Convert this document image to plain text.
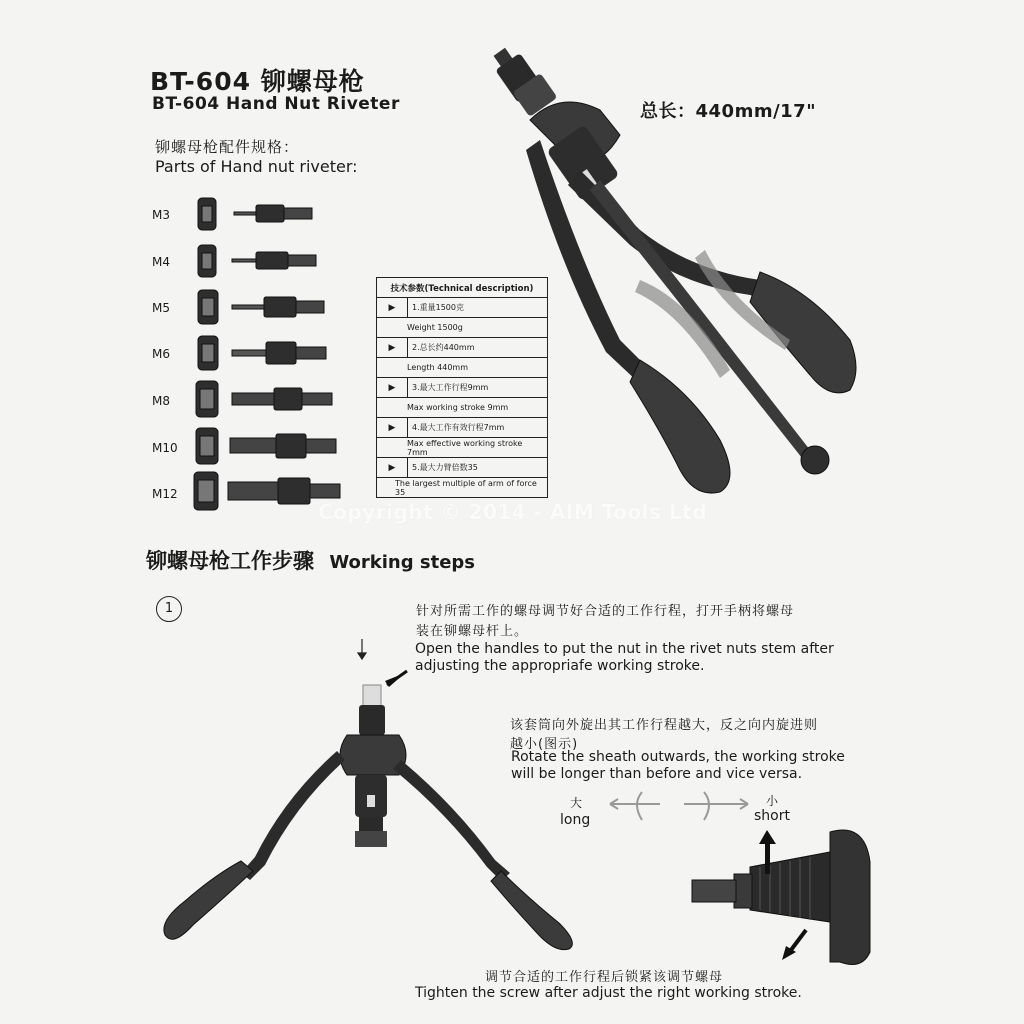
BT-604 铆螺母枪
BT-604 Hand Nut Riveter	总长：440mm/17"
铆螺母枪配件规格：
Parts of Hand nut riveter:
M3
M4
M5
M6
M8
M10
M12
技术参数(Technical description)	
▶	1.重量1500克
Weight 1500g	
▶	2.总长约440mm
Length 440mm	
▶	3.最大工作行程9mm
Max working stroke 9mm	
▶	4.最大工作有效行程7mm
Max effective working stroke 7mm	
▶	5.最大力臂倍数35
The largest multiple of arm of force 35	
Copyright © 2014 - AIM Tools Ltd
铆螺母枪工作步骤 Working steps
1	针对所需工作的螺母调节好合适的工作行程，打开手柄将螺母
装在铆螺母杆上。
Open the handles to put the nut in the rivet nuts stem after
adjusting the appropriafe working stroke.
该套筒向外旋出其工作行程越大，反之向内旋进则
越小(图示)
Rotate the sheath outwards, the working stroke
will be longer than before and vice versa.
大
long
小
short
调节合适的工作行程后锁紧该调节螺母
Tighten the screw after adjust the right working stroke.
